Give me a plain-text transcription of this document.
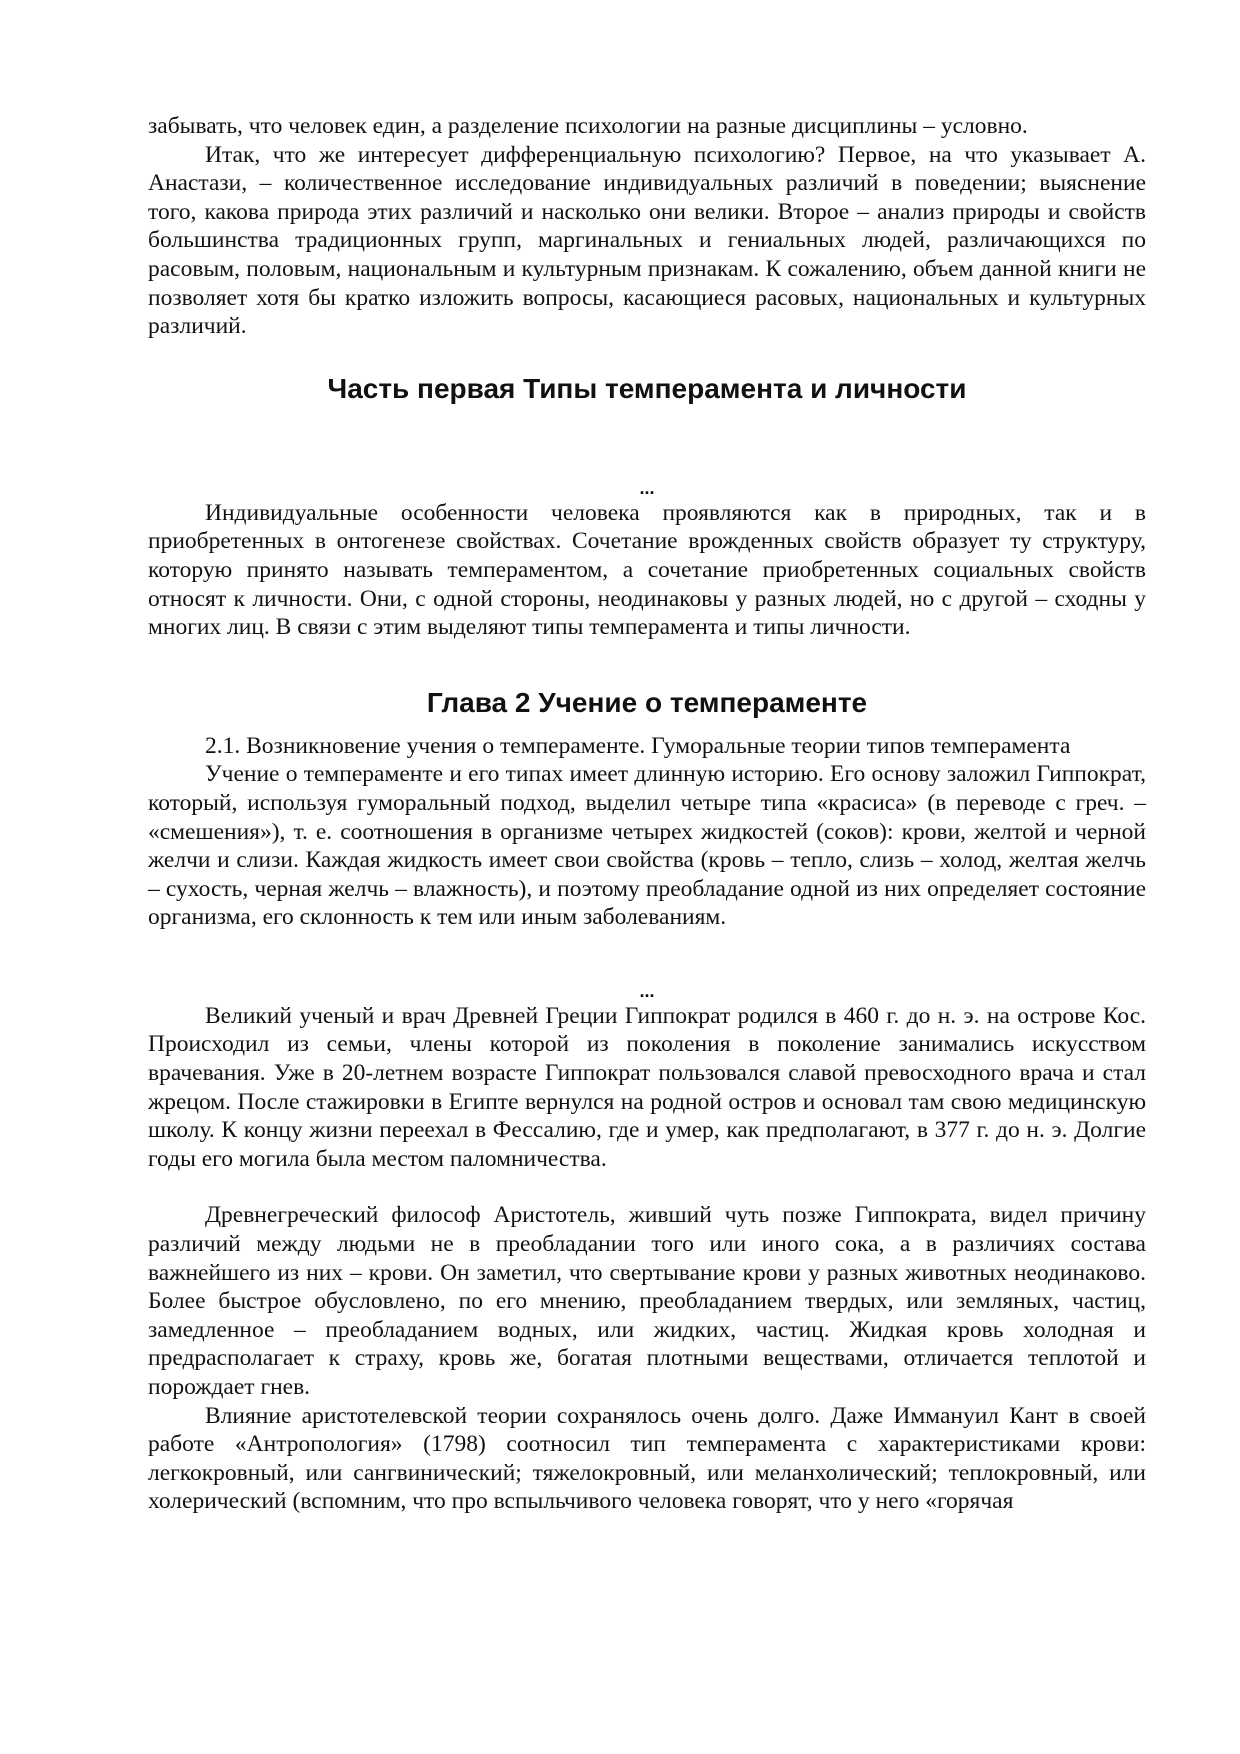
забывать, что человек един, а разделение психологии на разные дисциплины – условно.

Итак, что же интересует дифференциальную психологию? Первое, на что указывает А. Анастази, – количественное исследование индивидуальных различий в поведении; выяснение того, какова природа этих различий и насколько они велики. Второе – анализ природы и свойств большинства традиционных групп, маргинальных и гениальных людей, различающихся по расовым, половым, национальным и культурным признакам. К сожалению, объем данной книги не позволяет хотя бы кратко изложить вопросы, касающиеся расовых, национальных и культурных различий.

Часть первая Типы темперамента и личности
...

Индивидуальные особенности человека проявляются как в природных, так и в приобретенных в онтогенезе свойствах. Сочетание врожденных свойств образует ту структуру, которую принято называть темпераментом, а сочетание приобретенных социальных свойств относят к личности. Они, с одной стороны, неодинаковы у разных людей, но с другой – сходны у многих лиц. В связи с этим выделяют типы темперамента и типы личности.

Глава 2 Учение о темпераменте
2.1. Возникновение учения о темпераменте. Гуморальные теории типов темперамента

Учение о темпераменте и его типах имеет длинную историю. Его основу заложил Гиппократ, который, используя гуморальный подход, выделил четыре типа «красиса» (в переводе с греч. – «смешения»), т. е. соотношения в организме четырех жидкостей (соков): крови, желтой и черной желчи и слизи. Каждая жидкость имеет свои свойства (кровь – тепло, слизь – холод, желтая желчь – сухость, черная желчь – влажность), и поэтому преобладание одной из них определяет состояние организма, его склонность к тем или иным заболеваниям.

...

Великий ученый и врач Древней Греции Гиппократ родился в 460 г. до н. э. на острове Кос. Происходил из семьи, члены которой из поколения в поколение занимались искусством врачевания. Уже в 20-летнем возрасте Гиппократ пользовался славой превосходного врача и стал жрецом. После стажировки в Египте вернулся на родной остров и основал там свою медицинскую школу. К концу жизни переехал в Фессалию, где и умер, как предполагают, в 377 г. до н. э. Долгие годы его могила была местом паломничества.

Древнегреческий философ Аристотель, живший чуть позже Гиппократа, видел причину различий между людьми не в преобладании того или иного сока, а в различиях состава важнейшего из них – крови. Он заметил, что свертывание крови у разных животных неодинаково. Более быстрое обусловлено, по его мнению, преобладанием твердых, или земляных, частиц, замедленное – преобладанием водных, или жидких, частиц. Жидкая кровь холодная и предрасполагает к страху, кровь же, богатая плотными веществами, отличается теплотой и порождает гнев.

Влияние аристотелевской теории сохранялось очень долго. Даже Иммануил Кант в своей работе «Антропология» (1798) соотносил тип темперамента с характеристиками крови: легкокровный, или сангвинический; тяжелокровный, или меланхолический; теплокровный, или холерический (вспомним, что про вспыльчивого человека говорят, что у него «горячая
